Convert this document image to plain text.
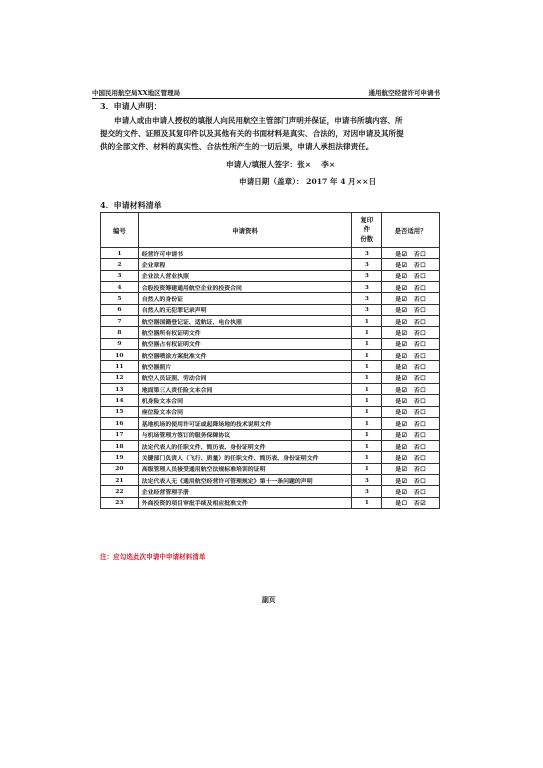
中国民用航空局XX地区管理局	通用航空经营许可申请书
3．申请人声明：
申请人或由申请人授权的填报人向民用航空主管部门声明并保证，申请书所填内容、所
提交的文件、证照及其复印件以及其他有关的书面材料是真实、合法的，对因申请及其所提
供的全部文件、材料的真实性、合法性所产生的一切后果，申请人承担法律责任。
申请人/填报人签字：张×　 李×
申请日期（盖章）： 2017 年 4 月××日
4．申请材料清单
编号	申请资料	复印
件
份数	是否适用？
1	经营许可申请书	3	是☑　否☐
2	企业章程	3	是☑　否☐
3	企业法人营业执照	3	是☑　否☐
4	合股投资筹建通用航空企业的投资合同	3	是☑　否☐
5	自然人的身份证	3	是☑　否☐
6	自然人的无犯罪记录声明	3	是☑　否☐
7	航空器国籍登记证、适航证、电台执照	1	是☑　否☐
8	航空器所有权证明文件	1	是☑　否☐
9	航空器占有权证明文件	1	是☑　否☐
10	航空器喷涂方案批准文件	1	是☑　否☐
11	航空器照片	1	是☑　否☐
12	航空人员证照、劳动合同	1	是☑　否☐
13	地面第三人责任险文本合同	1	是☑　否☐
14	机身险文本合同	1	是☑　否☐
15	座位险文本合同	1	是☑　否☐
16	基地机场的使用许可证或起降场地的技术说明文件	1	是☑　否☐
17	与机场管理方签订的服务保障协议	1	是☑　否☐
18	法定代表人的任职文件、简历表、身份证明文件	1	是☑　否☐
19	关键部门负责人（飞行、质量）的任职文件、简历表、身份证明文件	1	是☑　否☐
20	高级管理人员接受通用航空法规标准培训的证明	1	是☑　否☐
21	法定代表人无《通用航空经营许可管理规定》第十一条问题的声明	3	是☑　否☐
22	企业经营管理手册	3	是☑　否☐
23	外商投资的项目审批手续及相应批准文件	1	是☐　否☑
注：应勾选此次申请中申请材料清单
副页
